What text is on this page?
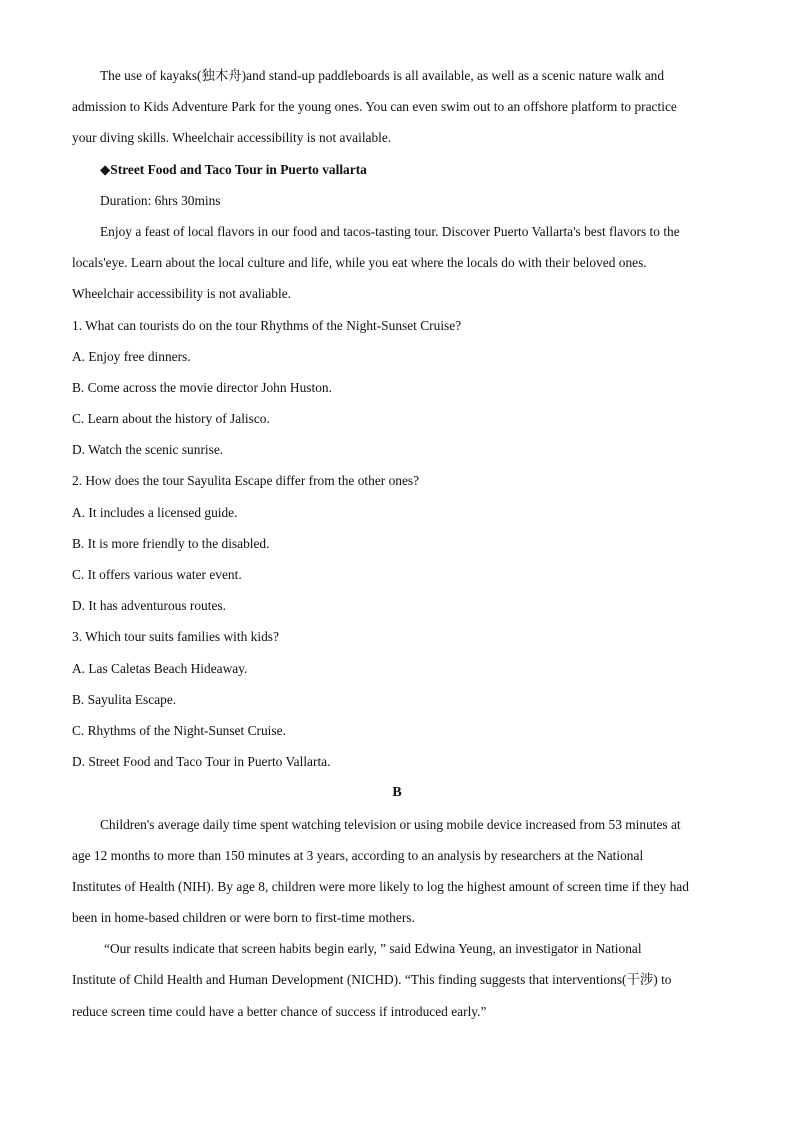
The use of kayaks(独木舟)and stand-up paddleboards is all available, as well as a scenic nature walk and
admission to Kids Adventure Park for the young ones. You can even swim out to an offshore platform to practice
your diving skills. Wheelchair accessibility is not available.
◆Street Food and Taco Tour in Puerto vallarta
Duration: 6hrs 30mins
Enjoy a feast of local flavors in our food and tacos-tasting tour. Discover Puerto Vallarta's best flavors to the
locals'eye. Learn about the local culture and life, while you eat where the locals do with their beloved ones.
Wheelchair accessibility is not avaliable.
1. What can tourists do on the tour Rhythms of the Night-Sunset Cruise?
A. Enjoy free dinners.
B. Come across the movie director John Huston.
C. Learn about the history of Jalisco.
D. Watch the scenic sunrise.
2. How does the tour Sayulita Escape differ from the other ones?
A. It includes a licensed guide.
B. It is more friendly to the disabled.
C. It offers various water event.
D. It has adventurous routes.
3. Which tour suits families with kids?
A. Las Caletas Beach Hideaway.
B. Sayulita Escape.
C. Rhythms of the Night-Sunset Cruise.
D. Street Food and Taco Tour in Puerto Vallarta.
B
Children's average daily time spent watching television or using mobile device increased from 53 minutes at
age 12 months to more than 150 minutes at 3 years, according to an analysis by researchers at the National
Institutes of Health (NIH). By age 8, children were more likely to log the highest amount of screen time if they had
been in home-based children or were born to first-time mothers.
“Our results indicate that screen habits begin early, ” said Edwina Yeung, an investigator in National
Institute of Child Health and Human Development (NICHD). “This finding suggests that interventions(干涉) to
reduce screen time could have a better chance of success if introduced early.”
